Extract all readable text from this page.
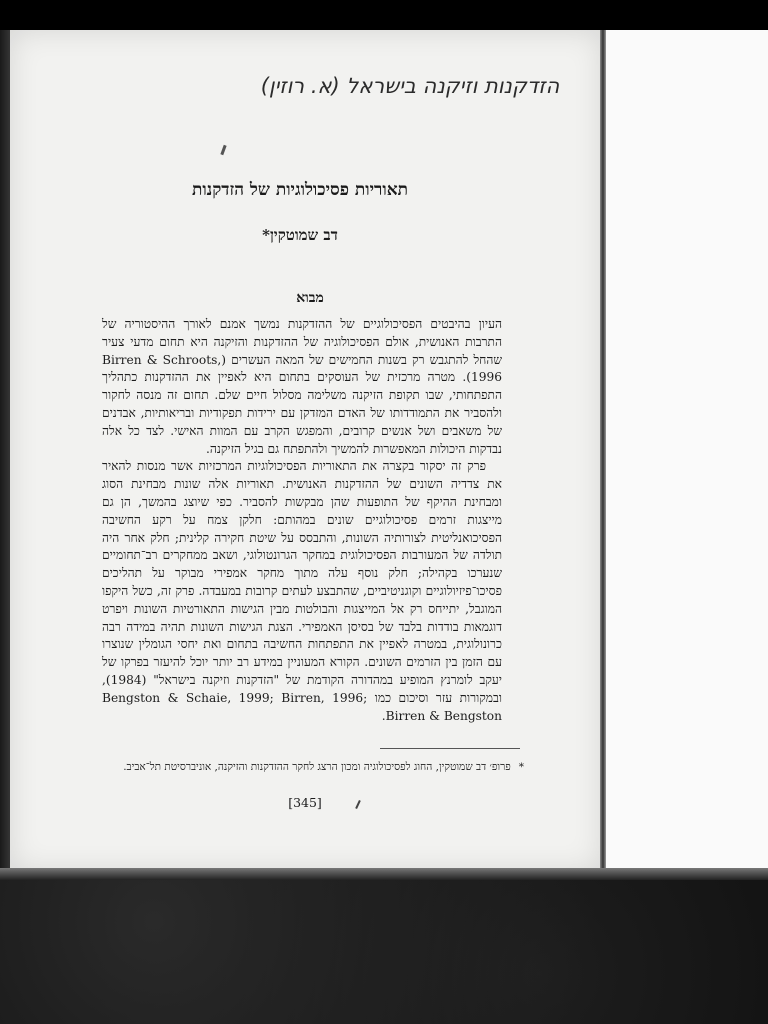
הזדקנות וזיקנה בישראל (א. רוזין)
תאוריות פסיכולוגיות של הזדקנות
דב שמוטקין*
מבוא

העיון בהיבטים הפסיכולוגיים של ההזדקנות נמשך אמנם לאורך ההיסטוריה של התרבות האנושית, אולם הפסיכולוגיה של ההזדקנות והזיקנה היא תחום מדעי צעיר שהחל להתגבש רק בשנות החמישים של המאה העשרים (Birren & Schroots, 1996). מטרה מרכזית של העוסקים בתחום היא לאפיין את ההזדקנות כתהליך התפתחותי, שבו תקופת הזיקנה משלימה מסלול חיים שלם. תחום זה מנסה לחקור ולהסביר את התמודדותו של האדם המזדקן עם ירידות תפקודיות ובריאותיות, אבדנים של משאבים ושל אנשים קרובים, והמפגש הקרב עם המוות האישי. לצד כל אלה נבדקות היכולות המאפשרות להמשיך ולהתפתח גם בגיל הזיקנה.

פרק זה יסקור בקצרה את התאוריות הפסיכולוגיות המרכזיות אשר מנסות להאיר את צדדיה השונים של ההזדקנות האנושית. תאוריות אלה שונות מבחינת הסוג ומבחינת ההיקף של התופעות שהן מבקשות להסביר. כפי שיוצג בהמשך, הן גם מייצגות זרמים פסיכולוגיים שונים במהותם: חלקן צמח על רקע החשיבה הפסיכואנליטית לצורותיה השונות, והתבסס על שיטת חקירה קלינית; חלק אחר היה תולדה של המעורבות הפסיכולוגית במחקר הגרונטולוגי, ושאב ממחקרים רב־תחומיים שנערכו בקהילה; חלק נוסף עלה מתוך מחקר אמפירי מבוקר על תהליכים פסיכו־פיזיולוגיים וקוגניטיביים, שהתבצע לעתים קרובות במעבדה. פרק זה, כשל היקפו המוגבל, יתייחס רק אל המייצגות והבולטות מבין הגישות התאורטיות השונות ויפרט דוגמאות בודדות בלבד של בסיסן האמפירי. הצגת הגישות השונות תהיה במידה רבה כרונולוגית, במטרה לאפיין את התפתחות החשיבה בתחום ואת יחסי הגומלין שנוצרו עם הזמן בין הזרמים השונים. הקורא המעוניין במידע רב יותר יוכל להיעזר בפרקו של יעקב לומרנץ המופיע במהדורה הקודמת של "הזדקנות וזיקנה בישראל" (1984), ובמקורות עזר וסיכום כמו Bengston & Schaie, 1999; Birren, 1996; Birren & Bengston.

*פרופ׳ דב שמוטקין, החוג לפסיכולוגיה ומכון הרצג לחקר ההזדקנות והזיקנה, אוניברסיטת תל־אביב.
[345]
